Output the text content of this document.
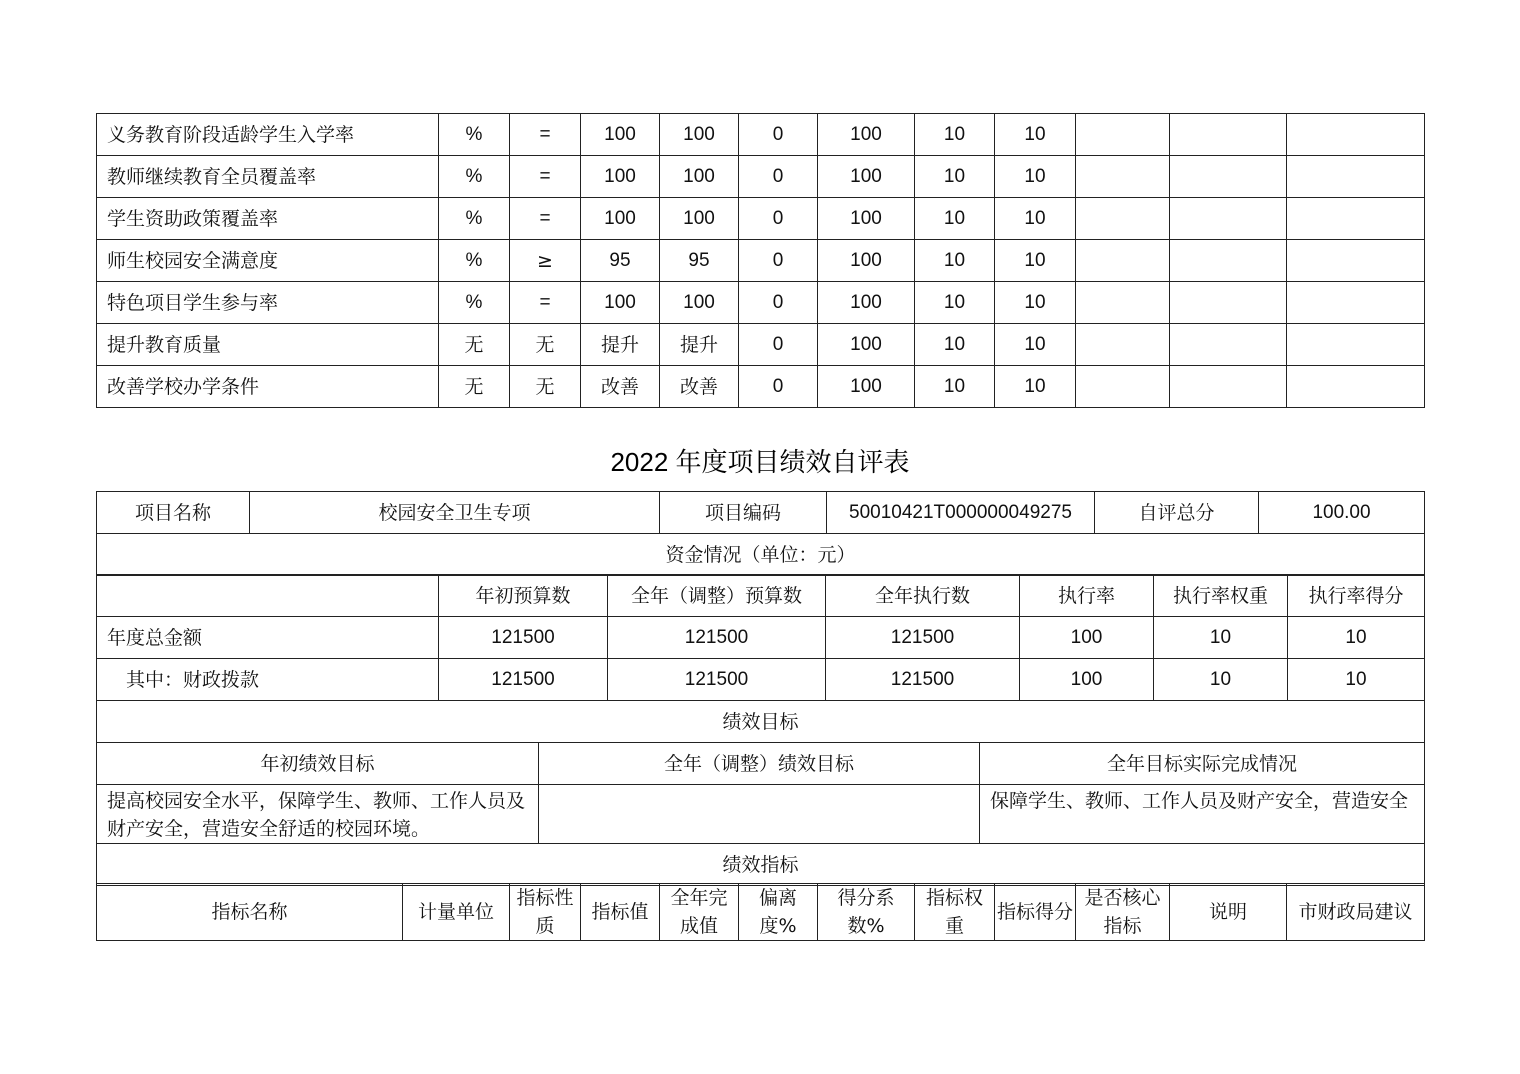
义务教育阶段适龄学生入学率	%	=	100	100	0	100	10	10			
教师继续教育全员覆盖率	%	=	100	100	0	100	10	10			
学生资助政策覆盖率	%	=	100	100	0	100	10	10			
师生校园安全满意度	%	≥	95	95	0	100	10	10			
特色项目学生参与率	%	=	100	100	0	100	10	10			
提升教育质量	无	无	提升	提升	0	100	10	10			
改善学校办学条件	无	无	改善	改善	0	100	10	10			
2022 年度项目绩效自评表
项目名称	校园安全卫生专项	项目编码	50010421T000000049275	自评总分	100.00
资金情况（单位：元）
	年初预算数	全年（调整）预算数	全年执行数	执行率	执行率权重	执行率得分
年度总金额	121500	121500	121500	100	10	10
　其中：财政拨款	121500	121500	121500	100	10	10
绩效目标						
年初绩效目标	全年（调整）绩效目标	全年目标实际完成情况
提高校园安全水平，保障学生、教师、工作人员及财产安全，营造安全舒适的校园环境。		保障学生、教师、工作人员及财产安全，营造安全
绩效指标		
指标名称	计量单位	指标性质	指标值	全年完成值	偏离度%	得分系数%	指标权重	指标得分	是否核心指标	说明	市财政局建议
